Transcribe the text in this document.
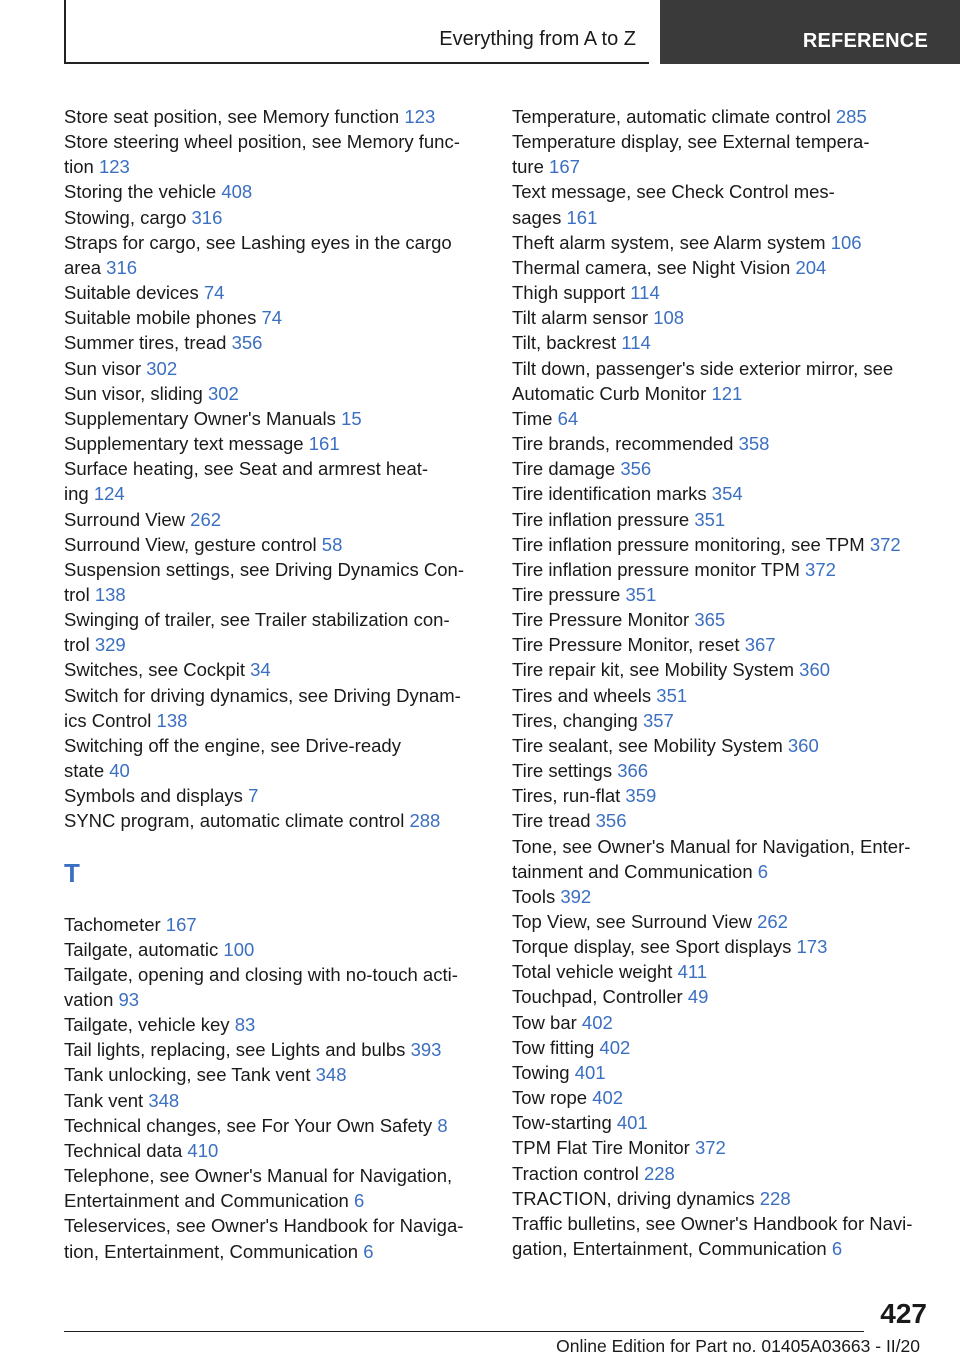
Everything from A to Z	REFERENCE
Store seat position, see Memory function 123
Store steering wheel position, see Memory func‐
tion 123
Storing the vehicle 408
Stowing, cargo 316
Straps for cargo, see Lashing eyes in the cargo
area 316
Suitable devices 74
Suitable mobile phones 74
Summer tires, tread 356
Sun visor 302
Sun visor, sliding 302
Supplementary Owner's Manuals 15
Supplementary text message 161
Surface heating, see Seat and armrest heat‐
ing 124
Surround View 262
Surround View, gesture control 58
Suspension settings, see Driving Dynamics Con‐
trol 138
Swinging of trailer, see Trailer stabilization con‐
trol 329
Switches, see Cockpit 34
Switch for driving dynamics, see Driving Dynam‐
ics Control 138
Switching off the engine, see Drive-ready
state 40
Symbols and displays 7
SYNC program, automatic climate control 288
T
Tachometer 167
Tailgate, automatic 100
Tailgate, opening and closing with no-touch acti‐
vation 93
Tailgate, vehicle key 83
Tail lights, replacing, see Lights and bulbs 393
Tank unlocking, see Tank vent 348
Tank vent 348
Technical changes, see For Your Own Safety 8
Technical data 410
Telephone, see Owner's Manual for Navigation,
Entertainment and Communication 6
Teleservices, see Owner's Handbook for Naviga‐
tion, Entertainment, Communication 6
Temperature, automatic climate control 285
Temperature display, see External tempera‐
ture 167
Text message, see Check Control mes‐
sages 161
Theft alarm system, see Alarm system 106
Thermal camera, see Night Vision 204
Thigh support 114
Tilt alarm sensor 108
Tilt, backrest 114
Tilt down, passenger's side exterior mirror, see
Automatic Curb Monitor 121
Time 64
Tire brands, recommended 358
Tire damage 356
Tire identification marks 354
Tire inflation pressure 351
Tire inflation pressure monitoring, see TPM 372
Tire inflation pressure monitor TPM 372
Tire pressure 351
Tire Pressure Monitor 365
Tire Pressure Monitor, reset 367
Tire repair kit, see Mobility System 360
Tires and wheels 351
Tires, changing 357
Tire sealant, see Mobility System 360
Tire settings 366
Tires, run-flat 359
Tire tread 356
Tone, see Owner's Manual for Navigation, Enter‐
tainment and Communication 6
Tools 392
Top View, see Surround View 262
Torque display, see Sport displays 173
Total vehicle weight 411
Touchpad, Controller 49
Tow bar 402
Tow fitting 402
Towing 401
Tow rope 402
Tow-starting 401
TPM Flat Tire Monitor 372
Traction control 228
TRACTION, driving dynamics 228
Traffic bulletins, see Owner's Handbook for Navi‐
gation, Entertainment, Communication 6
427
Online Edition for Part no. 01405A03663 - II/20
